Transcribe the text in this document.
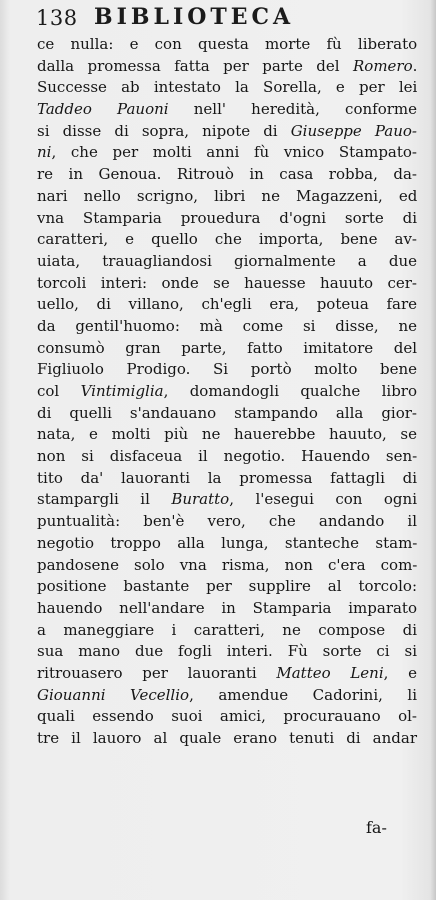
138 BIBLIOTECA
ce nulla: e con questa morte fù liberato
dalla promessa fatta per parte del Romero.
Successe ab intestato la Sorella, e per lei
Taddeo Pauoni nell' heredità, conforme
si disse di sopra, nipote di Giuseppe Pauo-
ni, che per molti anni fù vnico Stampato-
re in Genoua. Ritrouò in casa robba, da-
nari nello scrigno, libri ne Magazzeni, ed
vna Stamparia prouedura d'ogni sorte di
caratteri, e quello che importa, bene av-
uiata, trauagliandosi giornalmente a due
torcoli interi: onde se hauesse hauuto cer-
uello, di villano, ch'egli era, poteua fare
da gentil'huomo: mà come si disse, ne
consumò gran parte, fatto imitatore del
Figliuolo Prodigo. Si portò molto bene
col Vintimiglia, domandogli qualche libro
di quelli s'andauano stampando alla gior-
nata, e molti più ne hauerebbe hauuto, se
non si disfaceua il negotio. Hauendo sen-
tito da' lauoranti la promessa fattagli di
stampargli il Buratto, l'esegui con ogni
puntualità: ben'è vero, che andando il
negotio troppo alla lunga, stanteche stam-
pandosene solo vna risma, non c'era com-
positione bastante per supplire al torcolo:
hauendo nell'andare in Stamparia imparato
a maneggiare i caratteri, ne compose di
sua mano due fogli interi. Fù sorte ci si
ritrouasero per lauoranti Matteo Leni, e
Giouanni Vecellio, amendue Cadorini, li
quali essendo suoi amici, procurauano ol-
tre il lauoro al quale erano tenuti di andar
fa-
